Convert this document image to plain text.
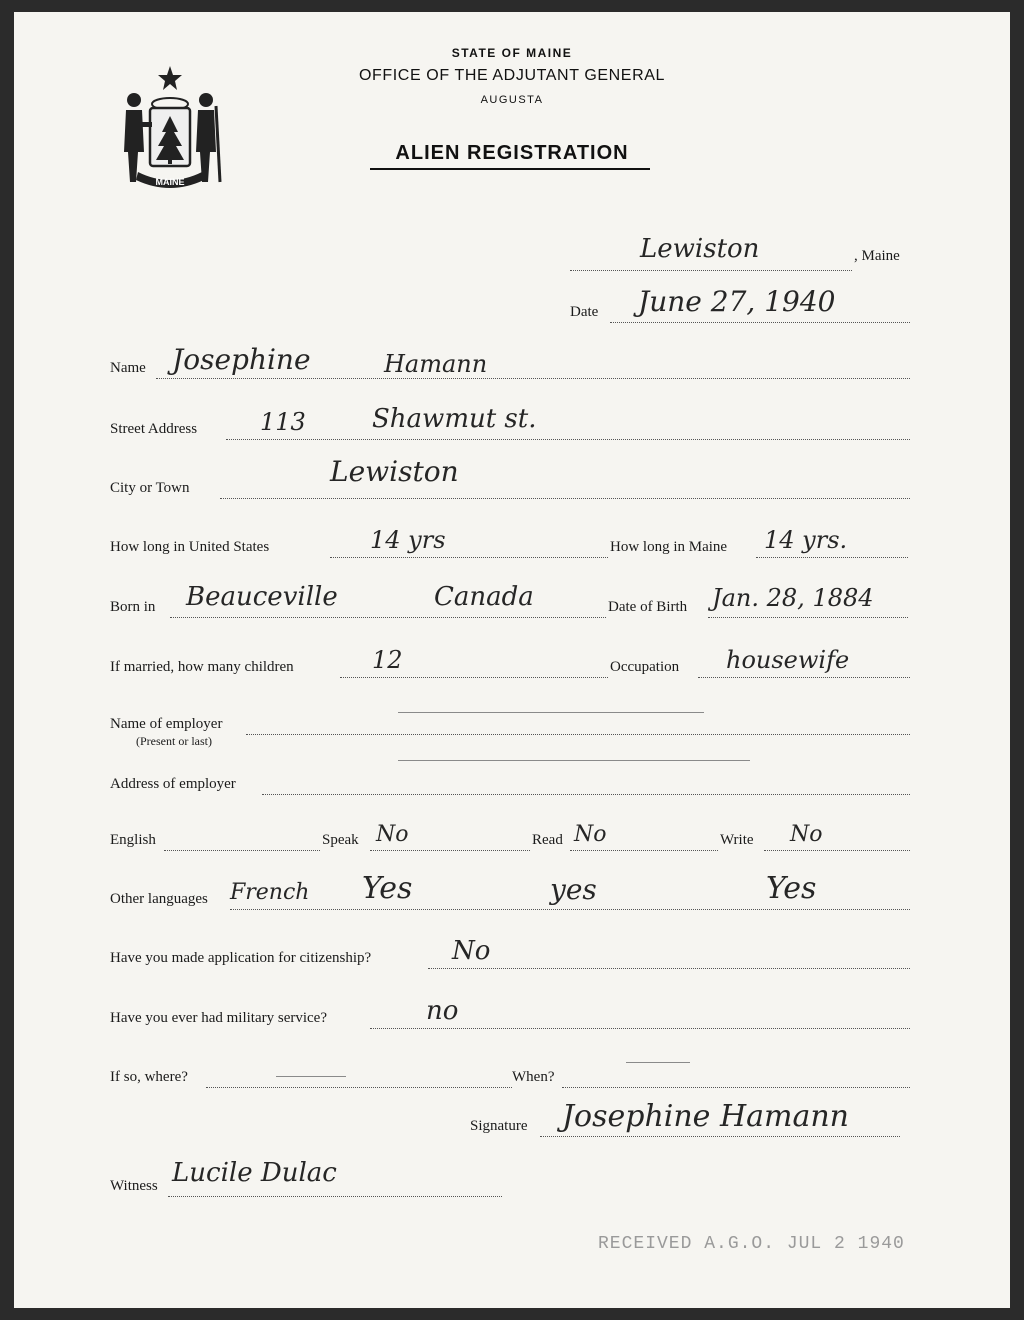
MAINE
STATE OF MAINE
OFFICE OF THE ADJUTANT GENERAL
AUGUSTA
ALIEN REGISTRATION
Lewiston	, Maine
Date June 27, 1940
Name Josephine	Hamann
Street Address	113	Shawmut st.
City or Town	Lewiston
How long in United States	14 yrs	How long in Maine 14 yrs.
Born in Beauceville	Canada	Date of Birth Jan. 28, 1884
If married, how many children	12	Occupation housewife
Name of employer
(Present or last)
Address of employer
English	Speak No	Read No	Write No
Other languages French Yes	yes	Yes
Have you made application for citizenship?	No
Have you ever had military service?	no
If so, where?	When?
Signature Josephine Hamann
Witness Lucile Dulac
RECEIVED A.G.O. JUL 2 1940
